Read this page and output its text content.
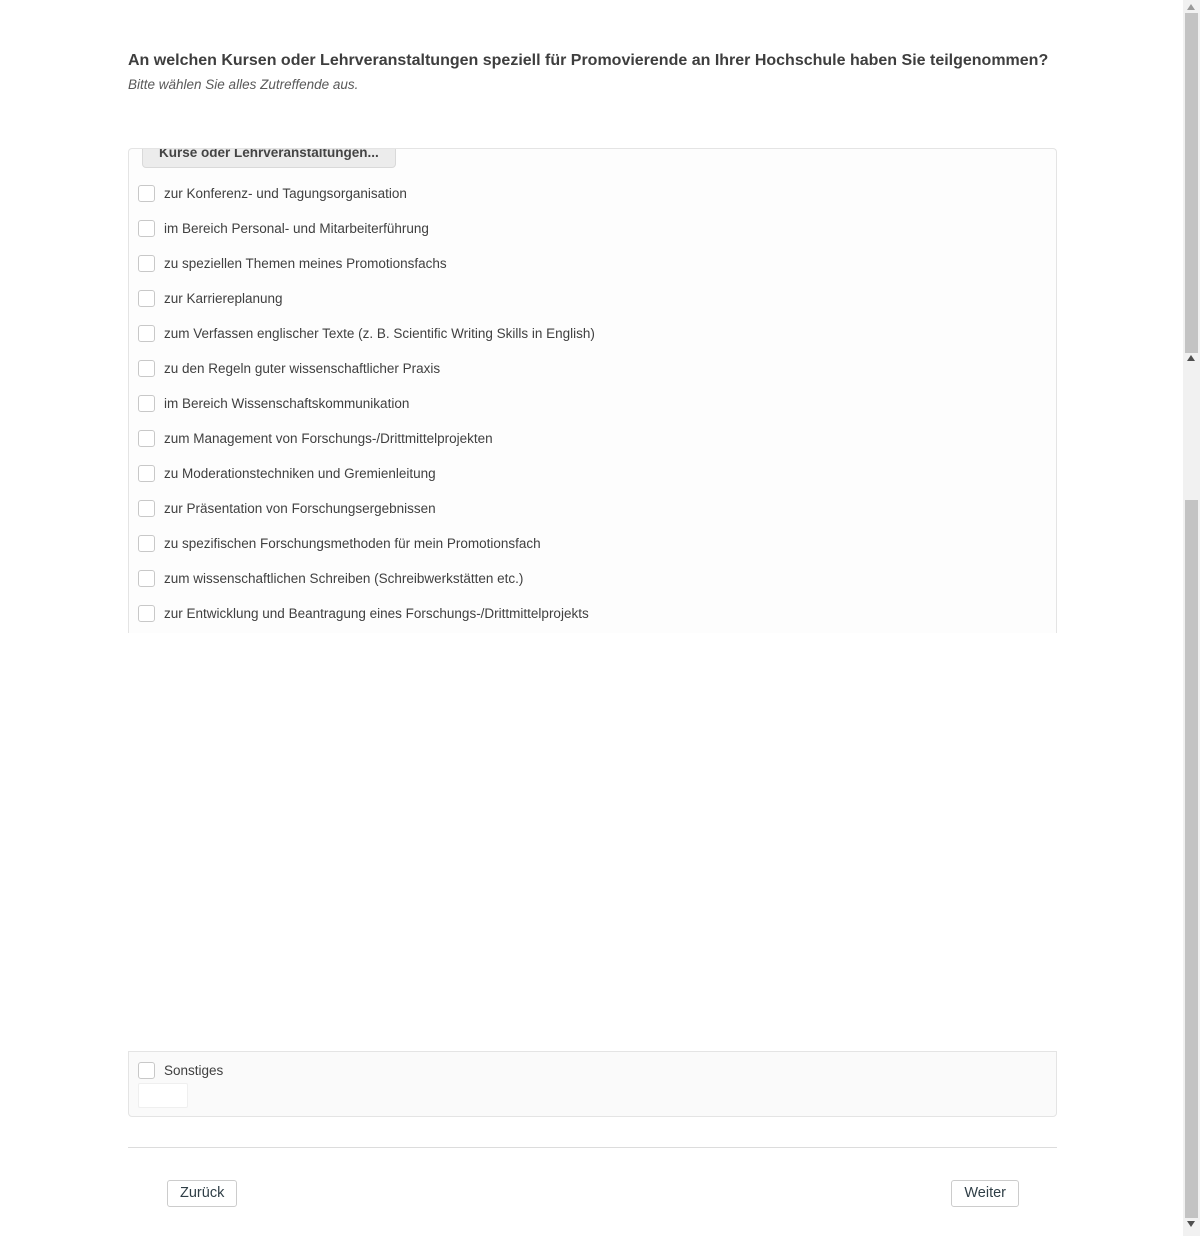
An welchen Kursen oder Lehrveranstaltungen speziell für Promovierende an Ihrer Hochschule haben Sie teilgenommen?
Bitte wählen Sie alles Zutreffende aus.
Kurse oder Lehrveranstaltungen...
zur Konferenz- und Tagungsorganisation
im Bereich Personal- und Mitarbeiterführung
zu speziellen Themen meines Promotionsfachs
zur Karriereplanung
zum Verfassen englischer Texte (z. B. Scientific Writing Skills in English)
zu den Regeln guter wissenschaftlicher Praxis
im Bereich Wissenschaftskommunikation
zum Management von Forschungs-/Drittmittelprojekten
zu Moderationstechniken und Gremienleitung
zur Präsentation von Forschungsergebnissen
zu spezifischen Forschungsmethoden für mein Promotionsfach
zum wissenschaftlichen Schreiben (Schreibwerkstätten etc.)
zur Entwicklung und Beantragung eines Forschungs-/Drittmittelprojekts
Sonstiges
Zurück	Weiter
